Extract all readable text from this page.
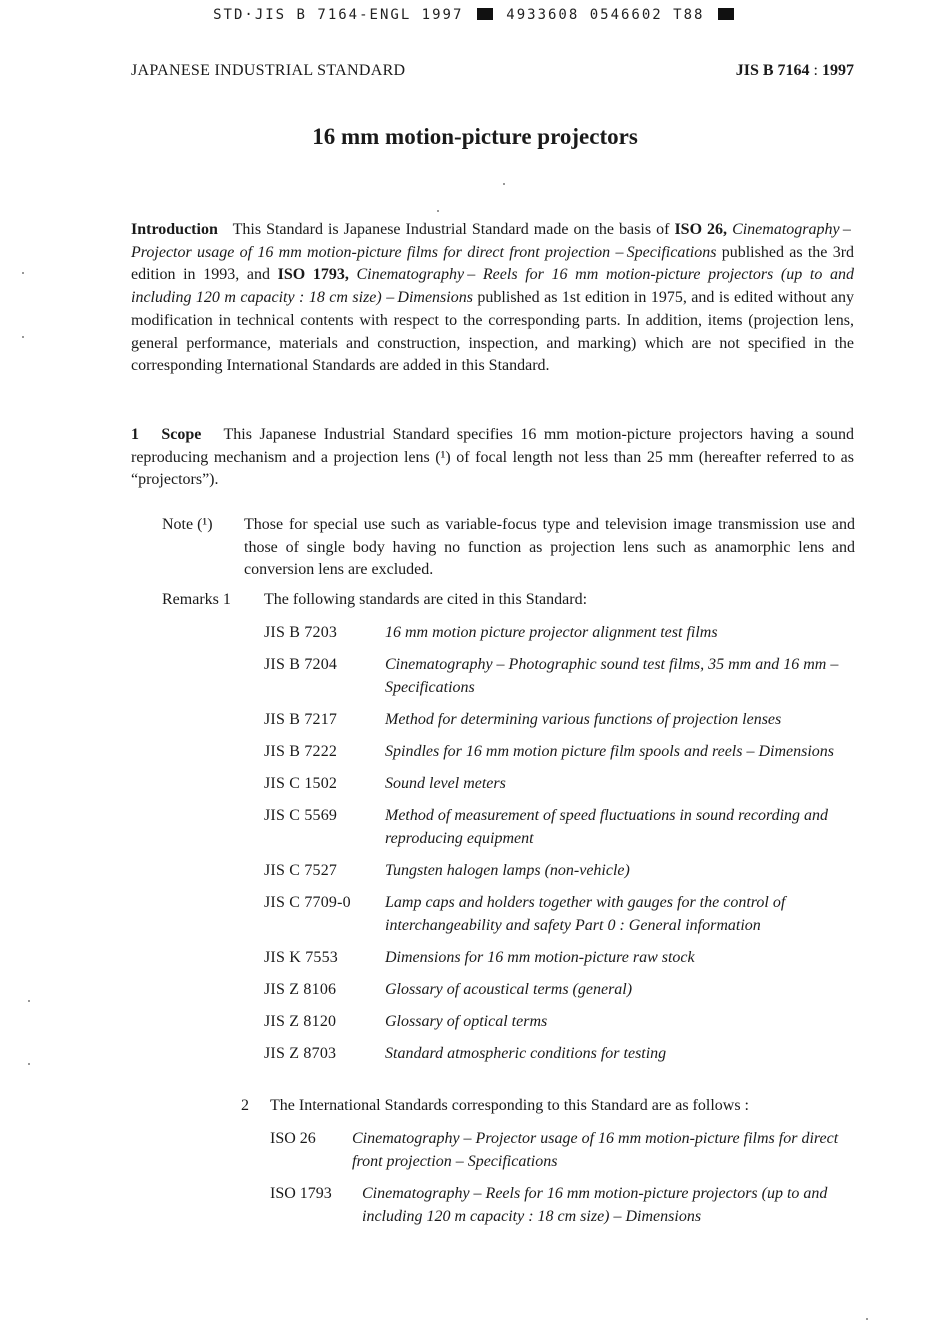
STD·JIS B 7164-ENGL 1997	4933608 0546602 T88
JAPANESE INDUSTRIAL STANDARD	JIS B 7164 : 1997
16 mm motion-picture projectors
Introduction This Standard is Japanese Industrial Standard made on the basis of ISO 26, Cinematography – Projector usage of 16 mm motion-picture films for direct front projection – Specifications published as the 3rd edition in 1993, and ISO 1793, Cinematography – Reels for 16 mm motion-picture projectors (up to and including 120 m capacity : 18 cm size) – Dimensions published as 1st edition in 1975, and is edited without any modification in technical contents with respect to the corresponding parts. In addition, items (projection lens, general performance, materials and construction, inspection, and marking) which are not specified in the corresponding International Standards are added in this Standard.
1 Scope This Japanese Industrial Standard specifies 16 mm motion-picture projectors having a sound reproducing mechanism and a projection lens (¹) of focal length not less than 25 mm (hereafter referred to as “projectors”).
Note (¹)	Those for special use such as variable-focus type and television image transmission use and those of single body having no function as projection lens such as anamorphic lens and conversion lens are excluded.
Remarks 1 The following standards are cited in this Standard:
JIS B 7203	16 mm motion picture projector alignment test films
JIS B 7204	Cinematography – Photographic sound test films, 35 mm and 16 mm – Specifications
JIS B 7217	Method for determining various functions of projection lenses
JIS B 7222	Spindles for 16 mm motion picture film spools and reels – Dimensions
JIS C 1502	Sound level meters
JIS C 5569	Method of measurement of speed fluctuations in sound recording and reproducing equipment
JIS C 7527	Tungsten halogen lamps (non-vehicle)
JIS C 7709-0	Lamp caps and holders together with gauges for the control of interchangeability and safety Part 0 : General information
JIS K 7553	Dimensions for 16 mm motion-picture raw stock
JIS Z 8106	Glossary of acoustical terms (general)
JIS Z 8120	Glossary of optical terms
JIS Z 8703	Standard atmospheric conditions for testing
2 The International Standards corresponding to this Standard are as follows :
ISO 26	Cinematography – Projector usage of 16 mm motion-picture films for direct front projection – Specifications
ISO 1793	Cinematography – Reels for 16 mm motion-picture projectors (up to and including 120 m capacity : 18 cm size) – Dimensions
